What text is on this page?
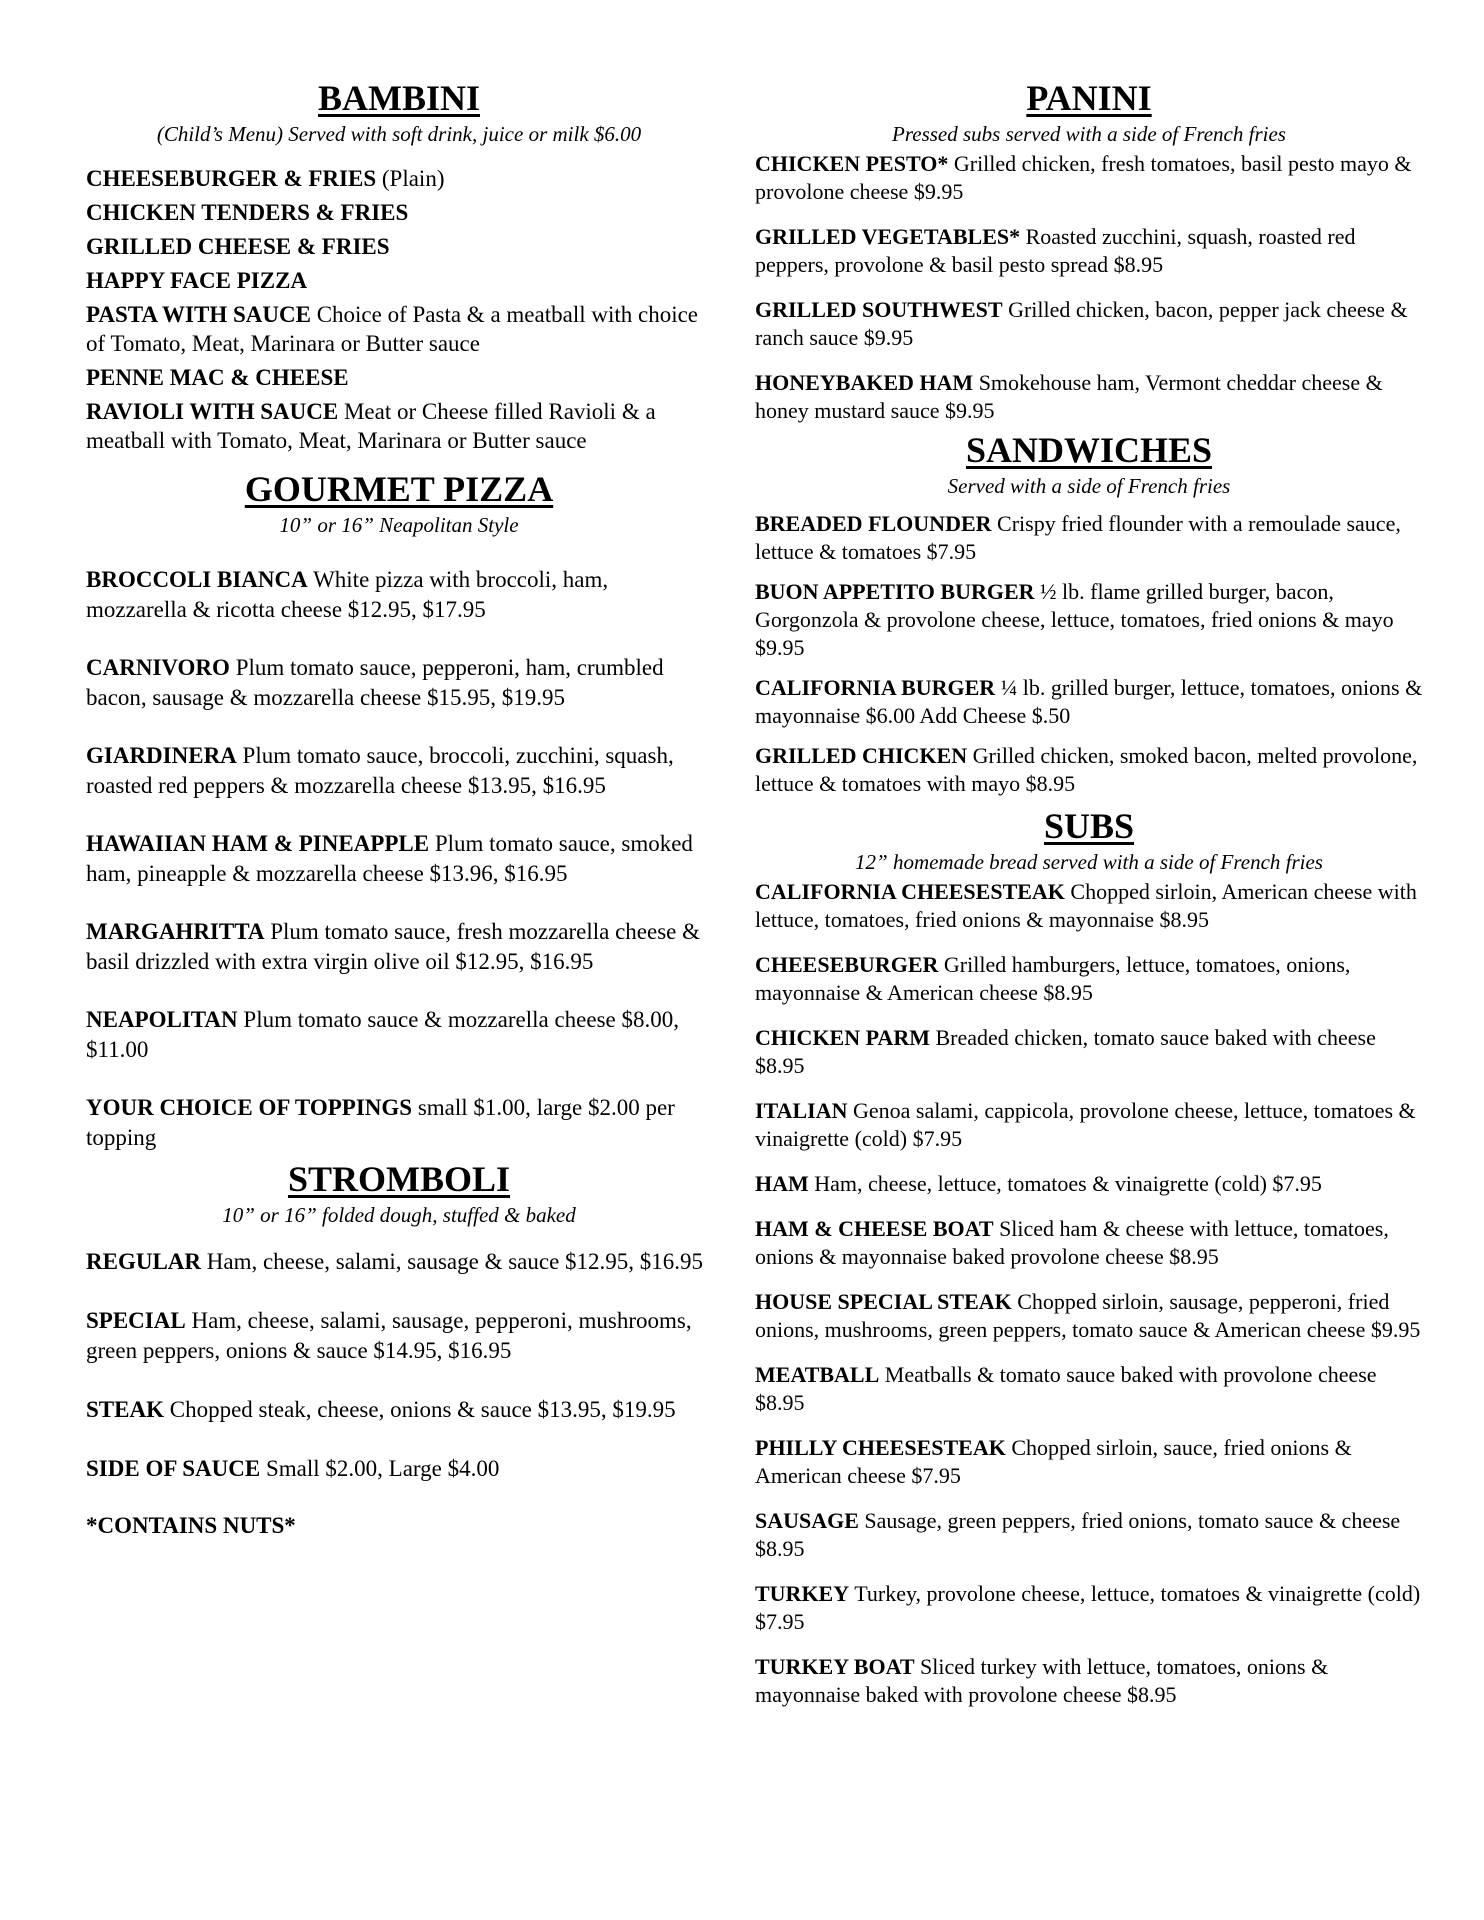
BAMBINI
(Child’s Menu) Served with soft drink, juice or milk $6.00

CHEESEBURGER & FRIES (Plain)

CHICKEN TENDERS & FRIES

GRILLED CHEESE & FRIES

HAPPY FACE PIZZA

PASTA WITH SAUCE Choice of Pasta & a meatball with choice of Tomato, Meat, Marinara or Butter sauce

PENNE MAC & CHEESE

RAVIOLI WITH SAUCE Meat or Cheese filled Ravioli & a meatball with Tomato, Meat, Marinara or Butter sauce

GOURMET PIZZA
10” or 16” Neapolitan Style

BROCCOLI BIANCA White pizza with broccoli, ham, mozzarella & ricotta cheese $12.95, $17.95

CARNIVORO Plum tomato sauce, pepperoni, ham, crumbled bacon, sausage & mozzarella cheese $15.95, $19.95

GIARDINERA Plum tomato sauce, broccoli, zucchini, squash, roasted red peppers & mozzarella cheese $13.95, $16.95

HAWAIIAN HAM & PINEAPPLE Plum tomato sauce, smoked ham, pineapple & mozzarella cheese $13.96, $16.95

MARGAHRITTA Plum tomato sauce, fresh mozzarella cheese & basil drizzled with extra virgin olive oil $12.95, $16.95

NEAPOLITAN Plum tomato sauce & mozzarella cheese $8.00, $11.00

YOUR CHOICE OF TOPPINGS small $1.00, large $2.00 per topping

STROMBOLI
10” or 16” folded dough, stuffed & baked

REGULAR Ham, cheese, salami, sausage & sauce $12.95, $16.95

SPECIAL Ham, cheese, salami, sausage, pepperoni, mushrooms, green peppers, onions & sauce $14.95, $16.95

STEAK Chopped steak, cheese, onions & sauce $13.95, $19.95

SIDE OF SAUCE Small $2.00, Large $4.00

*CONTAINS NUTS*
PANINI
Pressed subs served with a side of French fries

CHICKEN PESTO* Grilled chicken, fresh tomatoes, basil pesto mayo & provolone cheese $9.95

GRILLED VEGETABLES* Roasted zucchini, squash, roasted red peppers, provolone & basil pesto spread $8.95

GRILLED SOUTHWEST Grilled chicken, bacon, pepper jack cheese & ranch sauce $9.95

HONEYBAKED HAM Smokehouse ham, Vermont cheddar cheese & honey mustard sauce $9.95

SANDWICHES
Served with a side of French fries

BREADED FLOUNDER Crispy fried flounder with a remoulade sauce, lettuce & tomatoes $7.95

BUON APPETITO BURGER ½ lb. flame grilled burger, bacon, Gorgonzola & provolone cheese, lettuce, tomatoes, fried onions & mayo $9.95

CALIFORNIA BURGER ¼ lb. grilled burger, lettuce, tomatoes, onions & mayonnaise $6.00 Add Cheese $.50

GRILLED CHICKEN Grilled chicken, smoked bacon, melted provolone, lettuce & tomatoes with mayo $8.95

SUBS
12” homemade bread served with a side of French fries

CALIFORNIA CHEESESTEAK Chopped sirloin, American cheese with lettuce, tomatoes, fried onions & mayonnaise $8.95

CHEESEBURGER Grilled hamburgers, lettuce, tomatoes, onions, mayonnaise & American cheese $8.95

CHICKEN PARM Breaded chicken, tomato sauce baked with cheese $8.95

ITALIAN Genoa salami, cappicola, provolone cheese, lettuce, tomatoes & vinaigrette (cold) $7.95

HAM Ham, cheese, lettuce, tomatoes & vinaigrette (cold) $7.95

HAM & CHEESE BOAT Sliced ham & cheese with lettuce, tomatoes, onions & mayonnaise baked provolone cheese $8.95

HOUSE SPECIAL STEAK Chopped sirloin, sausage, pepperoni, fried onions, mushrooms, green peppers, tomato sauce & American cheese $9.95

MEATBALL Meatballs & tomato sauce baked with provolone cheese $8.95

PHILLY CHEESESTEAK Chopped sirloin, sauce, fried onions & American cheese $7.95

SAUSAGE Sausage, green peppers, fried onions, tomato sauce & cheese $8.95

TURKEY Turkey, provolone cheese, lettuce, tomatoes & vinaigrette (cold) $7.95

TURKEY BOAT Sliced turkey with lettuce, tomatoes, onions & mayonnaise baked with provolone cheese $8.95
